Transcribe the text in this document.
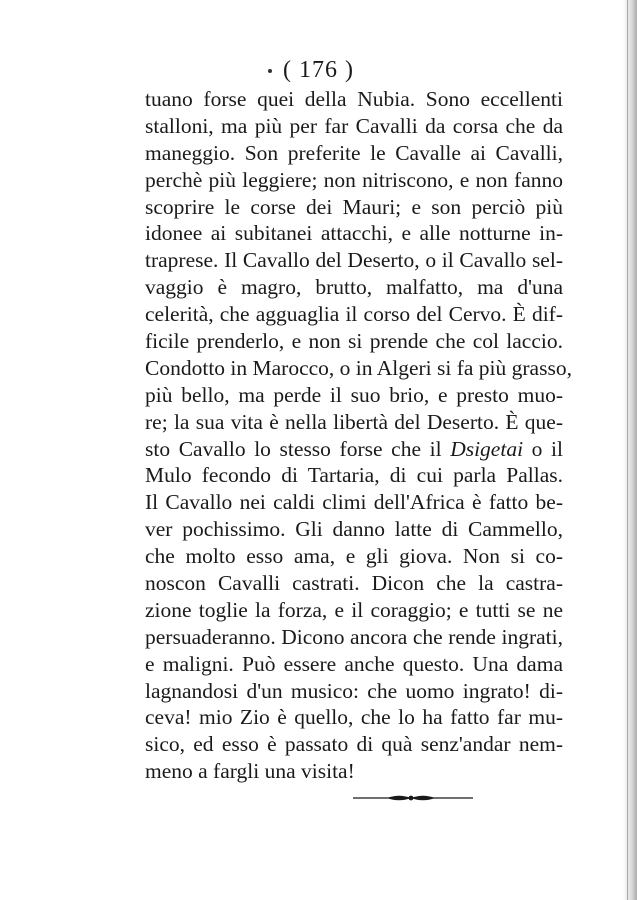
( 176 )
tuano forse quei della Nubia. Sono eccellenti
stalloni, ma più per far Cavalli da corsa che da
maneggio. Son preferite le Cavalle ai Cavalli,
perchè più leggiere; non nitriscono, e non fanno
scoprire le corse dei Mauri; e son perciò più
idonee ai subitanei attacchi, e alle notturne in-
traprese. Il Cavallo del Deserto, o il Cavallo sel-
vaggio è magro, brutto, malfatto, ma d'una
celerità, che agguaglia il corso del Cervo. È dif-
ficile prenderlo, e non si prende che col laccio.
Condotto in Marocco, o in Algeri si fa più grasso,
più bello, ma perde il suo brio, e presto muo-
re; la sua vita è nella libertà del Deserto. È que-
sto Cavallo lo stesso forse che il Dsigetai o il
Mulo fecondo di Tartaria, di cui parla Pallas.
Il Cavallo nei caldi climi dell'Africa è fatto be-
ver pochissimo. Gli danno latte di Cammello,
che molto esso ama, e gli giova. Non si co-
noscon Cavalli castrati. Dicon che la castra-
zione toglie la forza, e il coraggio; e tutti se ne
persuaderanno. Dicono ancora che rende ingrati,
e maligni. Può essere anche questo. Una dama
lagnandosi d'un musico: che uomo ingrato! di-
ceva! mio Zio è quello, che lo ha fatto far mu-
sico, ed esso è passato di quà senz'andar nem-
meno a fargli una visita!
